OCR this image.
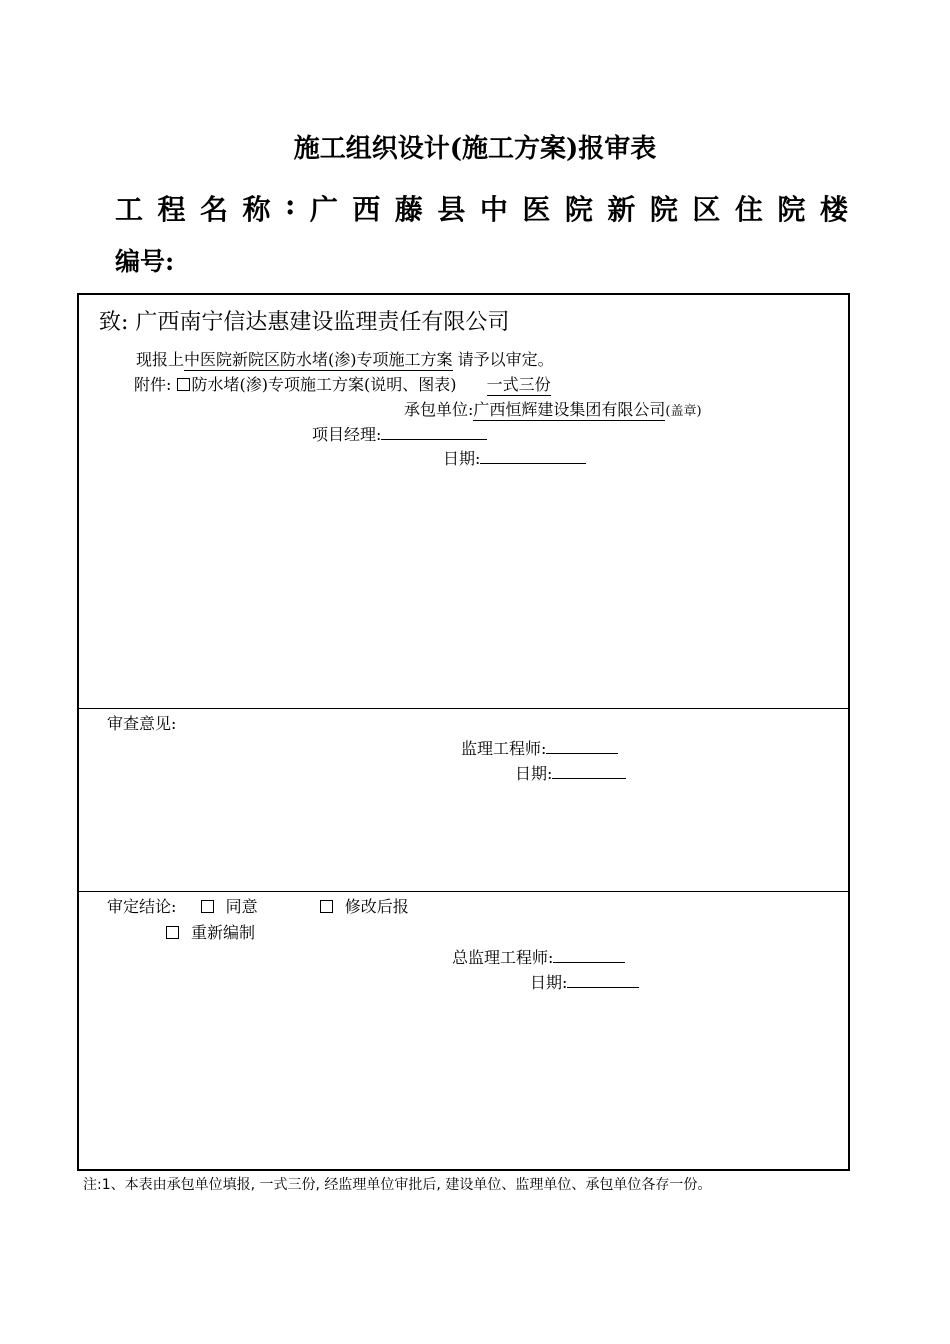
施工组织设计(施工方案)报审表
工 程 名 称 : 广 西 藤 县 中 医 院 新 院 区 住 院 楼
编号:
致: 广西南宁信达惠建设监理责任有限公司
现报上中医院新院区防水堵(渗)专项施工方案 请予以审定。
附件: 防水堵(渗)专项施工方案(说明、图表)  一式三份
承包单位:广西恒辉建设集团有限公司(盖章)
项目经理:
日期:
审查意见:
监理工程师:
日期:
审定结论:	同意	修改后报
重新编制
总监理工程师:
日期:
注:1、本表由承包单位填报, 一式三份, 经监理单位审批后, 建设单位、监理单位、承包单位各存一份。
